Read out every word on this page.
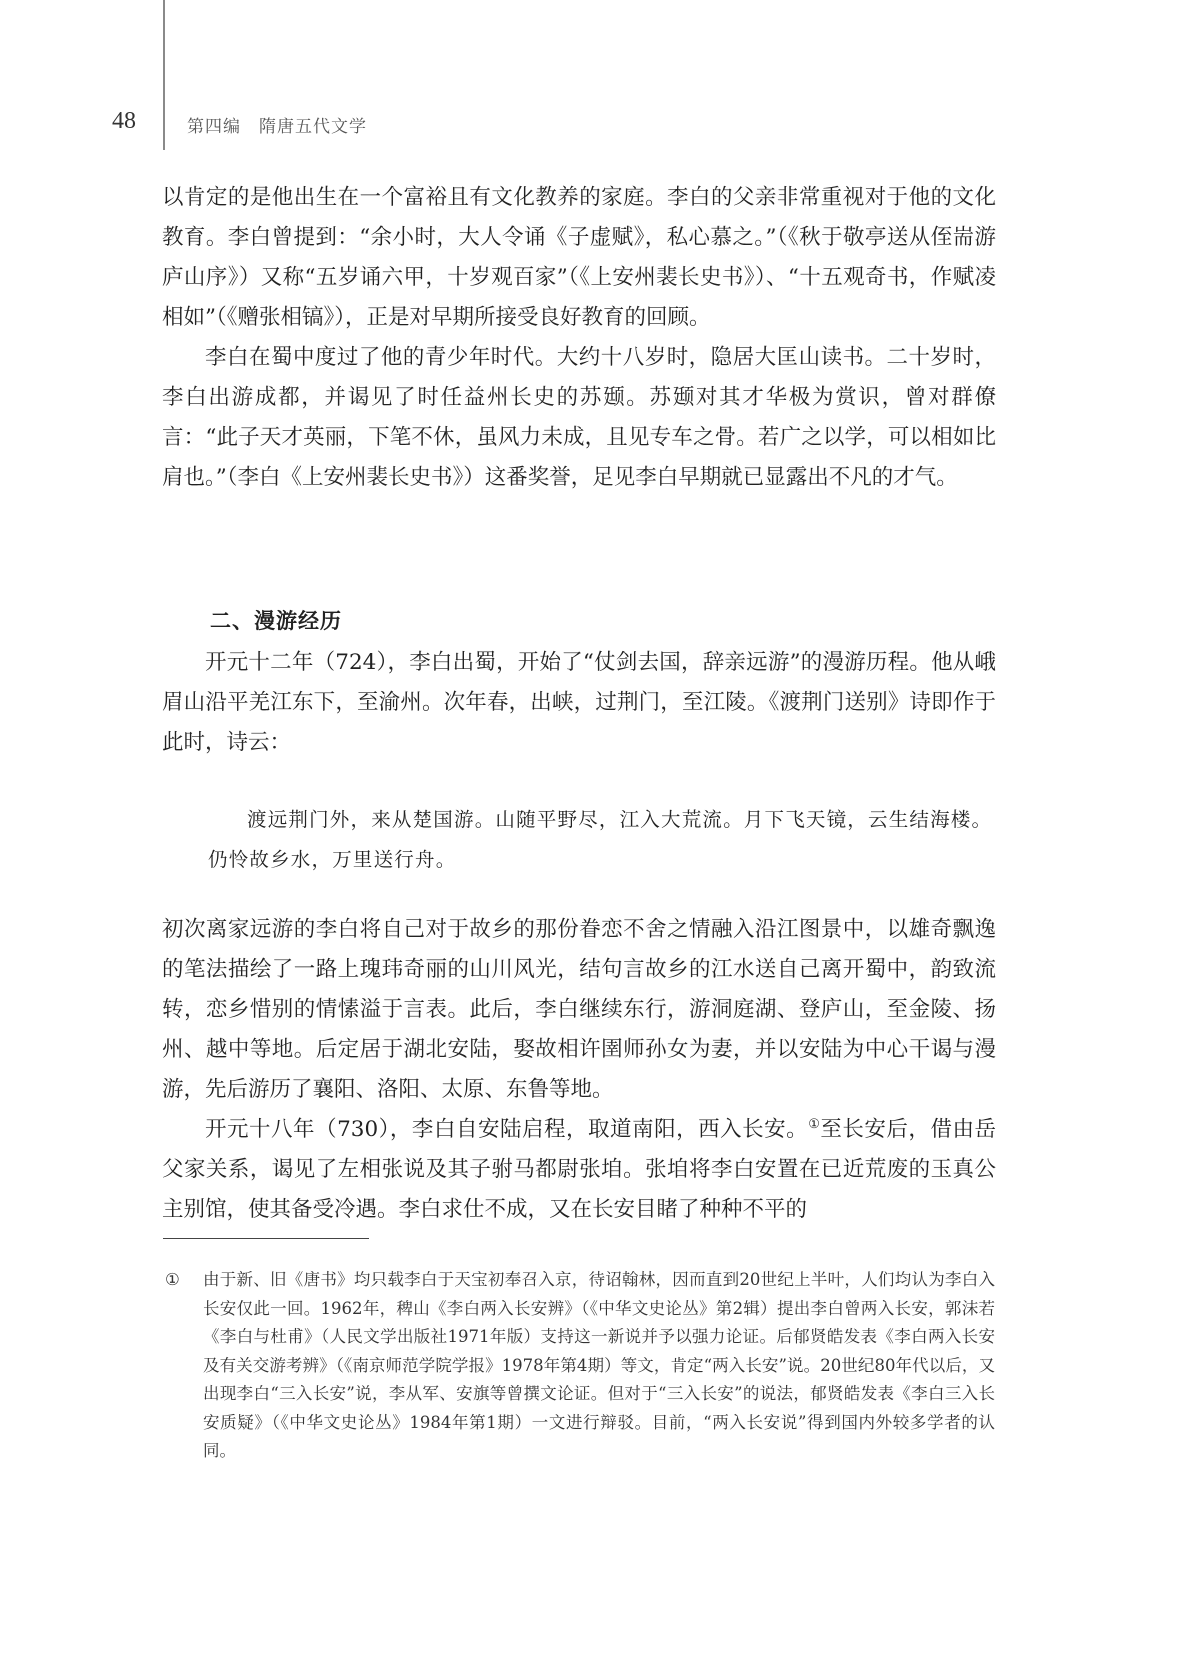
48	第四编　隋唐五代文学

以肯定的是他出生在一个富裕且有文化教养的家庭。李白的父亲非常重视对于他的文化教育。李白曾提到：“余小时，大人令诵《子虚赋》，私心慕之。”（《秋于敬亭送从侄耑游庐山序》）又称“五岁诵六甲，十岁观百家”（《上安州裴长史书》）、“十五观奇书，作赋凌相如”（《赠张相镐》），正是对早期所接受良好教育的回顾。

李白在蜀中度过了他的青少年时代。大约十八岁时，隐居大匡山读书。二十岁时，李白出游成都，并谒见了时任益州长史的苏颋。苏颋对其才华极为赏识，曾对群僚言：“此子天才英丽，下笔不休，虽风力未成，且见专车之骨。若广之以学，可以相如比肩也。”（李白《上安州裴长史书》）这番奖誉，足见李白早期就已显露出不凡的才气。

二、漫游经历

开元十二年（724），李白出蜀，开始了“仗剑去国，辞亲远游”的漫游历程。他从峨眉山沿平羌江东下，至渝州。次年春，出峡，过荆门，至江陵。《渡荆门送别》诗即作于此时，诗云：

渡远荆门外，来从楚国游。山随平野尽，江入大荒流。月下飞天镜，云生结海楼。仍怜故乡水，万里送行舟。

初次离家远游的李白将自己对于故乡的那份眷恋不舍之情融入沿江图景中，以雄奇飘逸的笔法描绘了一路上瑰玮奇丽的山川风光，结句言故乡的江水送自己离开蜀中，韵致流转，恋乡惜别的情愫溢于言表。此后，李白继续东行，游洞庭湖、登庐山，至金陵、扬州、越中等地。后定居于湖北安陆，娶故相许圉师孙女为妻，并以安陆为中心干谒与漫游，先后游历了襄阳、洛阳、太原、东鲁等地。

开元十八年（730），李白自安陆启程，取道南阳，西入长安。①至长安后，借由岳父家关系，谒见了左相张说及其子驸马都尉张垍。张垍将李白安置在已近荒废的玉真公主别馆，使其备受冷遇。李白求仕不成，又在长安目睹了种种不平的

①	由于新、旧《唐书》均只载李白于天宝初奉召入京，待诏翰林，因而直到20世纪上半叶，人们均认为李白入长安仅此一回。1962年，稗山《李白两入长安辨》（《中华文史论丛》第2辑）提出李白曾两入长安，郭沫若《李白与杜甫》（人民文学出版社1971年版）支持这一新说并予以强力论证。后郁贤皓发表《李白两入长安及有关交游考辨》（《南京师范学院学报》1978年第4期）等文，肯定“两入长安”说。20世纪80年代以后，又出现李白“三入长安”说，李从军、安旗等曾撰文论证。但对于“三入长安”的说法，郁贤皓发表《李白三入长安质疑》（《中华文史论丛》1984年第1期）一文进行辩驳。目前，“两入长安说”得到国内外较多学者的认同。
